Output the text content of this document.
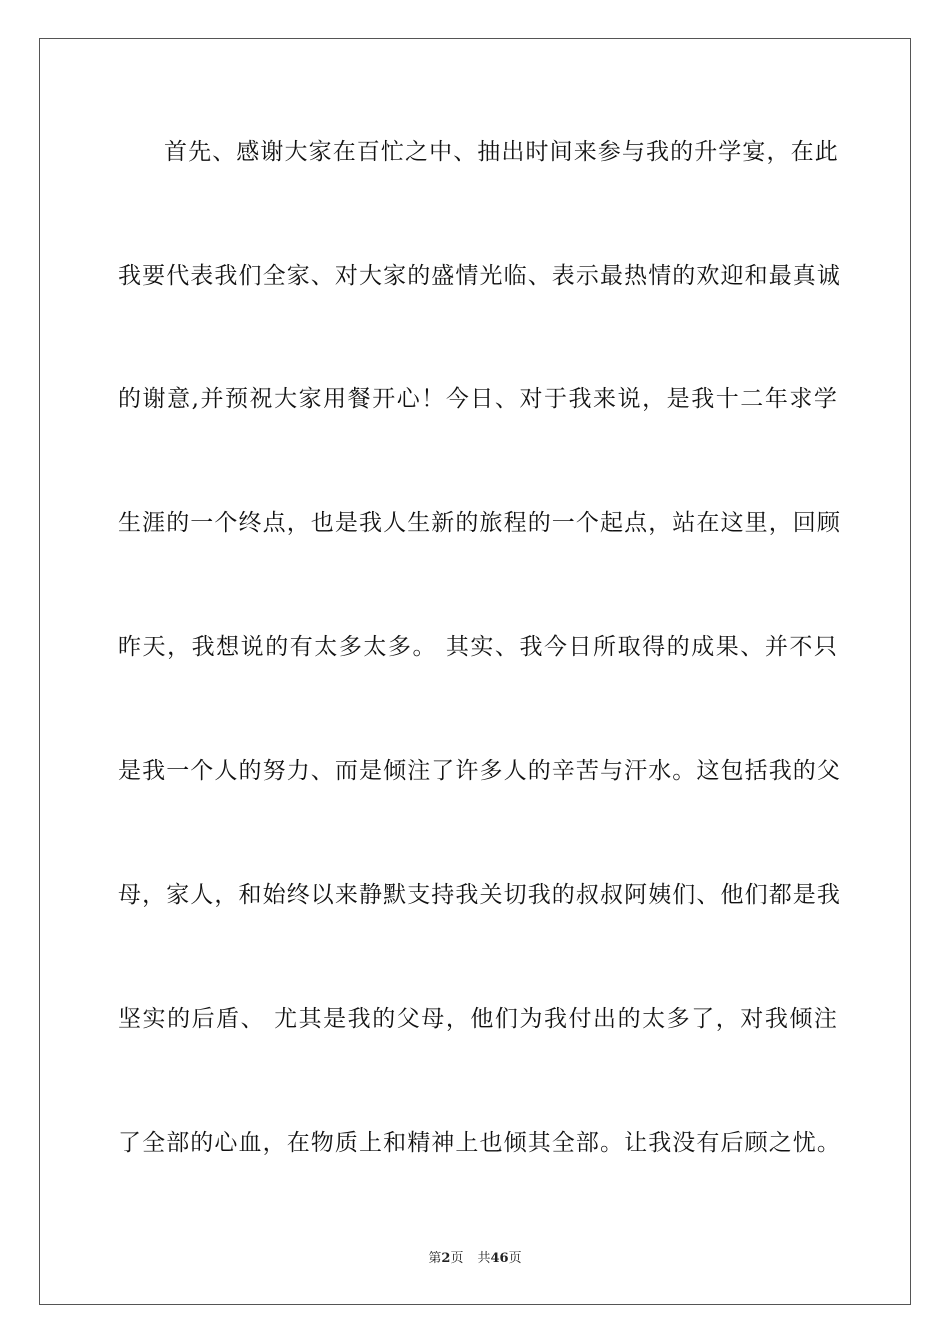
首先、感谢大家在百忙之中、抽出时间来参与我的升学宴，在此
我要代表我们全家、对大家的盛情光临、表示最热情的欢迎和最真诚
的谢意,并预祝大家用餐开心！今日、对于我来说，是我十二年求学
生涯的一个终点，也是我人生新的旅程的一个起点，站在这里，回顾
昨天，我想说的有太多太多。 其实、我今日所取得的成果、并不只
是我一个人的努力、而是倾注了许多人的辛苦与汗水。这包括我的父
母，家人，和始终以来静默支持我关切我的叔叔阿姨们、他们都是我
坚实的后盾、 尤其是我的父母，他们为我付出的太多了，对我倾注
了全部的心血，在物质上和精神上也倾其全部。让我没有后顾之忧。
第2页 共46页
